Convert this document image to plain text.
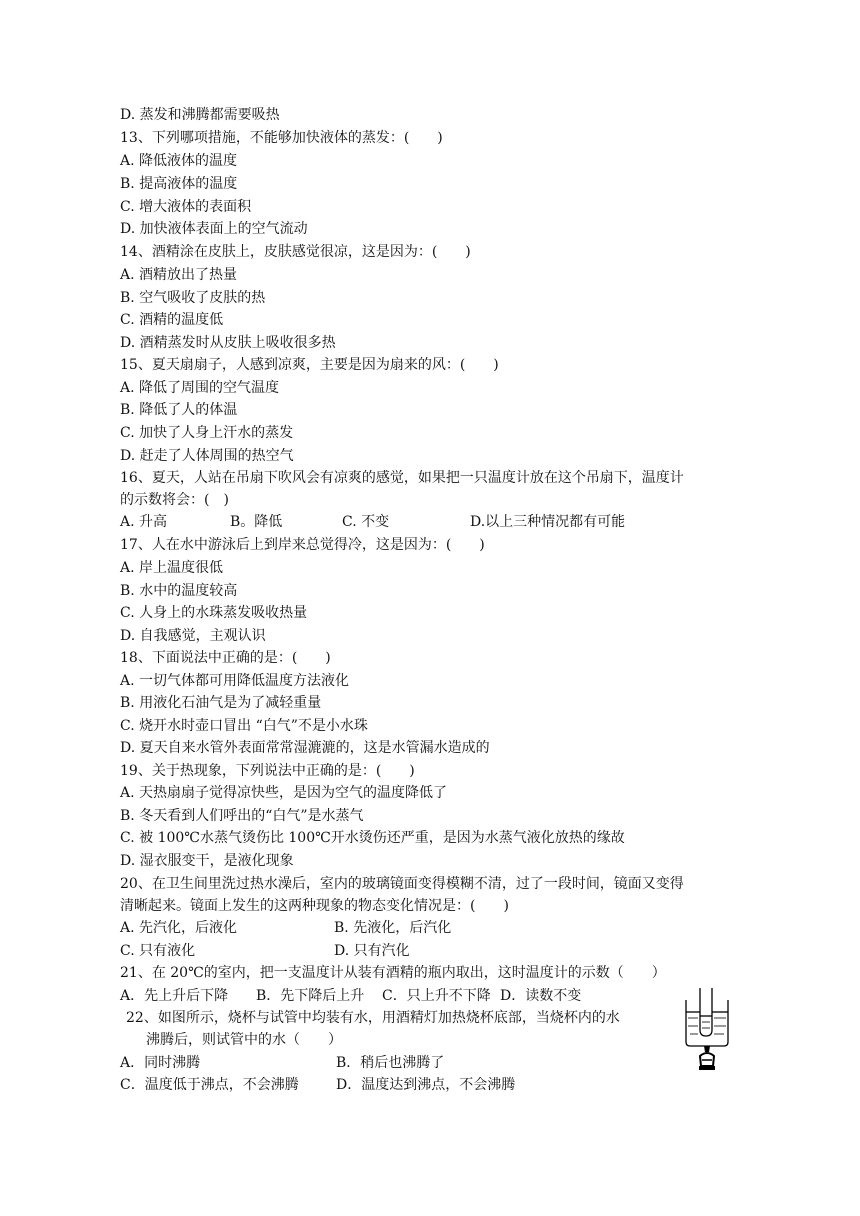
D. 蒸发和沸腾都需要吸热
13、下列哪项措施，不能够加快液体的蒸发：(　　)
A. 降低液体的温度
B. 提高液体的温度
C. 增大液体的表面积
D. 加快液体表面上的空气流动
14、酒精涂在皮肤上，皮肤感觉很凉，这是因为：(　　)
A. 酒精放出了热量
B. 空气吸收了皮肤的热
C. 酒精的温度低
D. 酒精蒸发时从皮肤上吸收很多热
15、夏天扇扇子，人感到凉爽，主要是因为扇来的风：(　　)
A. 降低了周围的空气温度
B. 降低了人的体温
C. 加快了人身上汗水的蒸发
D. 赶走了人体周围的热空气
16、夏天，人站在吊扇下吹风会有凉爽的感觉，如果把一只温度计放在这个吊扇下，温度计
的示数将会：(　)
A. 升高	B。降低	C. 不变	D.以上三种情况都有可能
17、人在水中游泳后上到岸来总觉得冷，这是因为：(　　)
A. 岸上温度很低
B. 水中的温度较高
C. 人身上的水珠蒸发吸收热量
D. 自我感觉，主观认识
18、下面说法中正确的是：(　　)
A. 一切气体都可用降低温度方法液化
B. 用液化石油气是为了减轻重量
C. 烧开水时壶口冒出 “白气”不是小水珠
D. 夏天自来水管外表面常常湿漉漉的，这是水管漏水造成的
19、关于热现象，下列说法中正确的是：(　　)
A. 天热扇扇子觉得凉快些，是因为空气的温度降低了
B. 冬天看到人们呼出的“白气”是水蒸气
C. 被 100℃水蒸气烫伤比 100℃开水烫伤还严重，是因为水蒸气液化放热的缘故
D. 湿衣服变干，是液化现象
20、在卫生间里洗过热水澡后，室内的玻璃镜面变得模糊不清，过了一段时间，镜面又变得
清晰起来。镜面上发生的这两种现象的物态变化情况是：(　　)
A. 先汽化，后液化	B. 先液化，后汽化
C. 只有液化	D. 只有汽化
21、在 20℃的室内，把一支温度计从装有酒精的瓶内取出，这时温度计的示数（　　）
A．先上升后下降 B．先下降后上升 C．只上升不下降 D．读数不变
22、如图所示，烧杯与试管中均装有水，用酒精灯加热烧杯底部，当烧杯内的水
沸腾后，则试管中的水（　　）
A．同时沸腾	B．稍后也沸腾了
C．温度低于沸点，不会沸腾	D．温度达到沸点，不会沸腾
